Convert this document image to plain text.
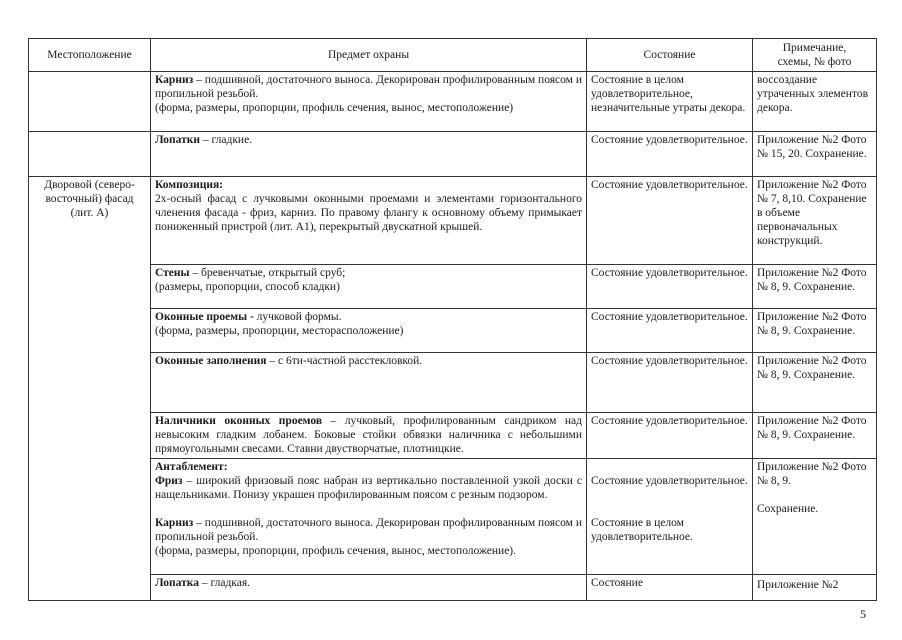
Местоположение	Предмет охраны	Состояние	Примечание,
схемы, № фото

	Карниз – подшивной, достаточного выноса. Декорирован профилированным поясом и пропильной резьбой.
(форма, размеры, пропорции, профиль сечения, вынос, местоположение)	Состояние в целом удовлетворительное, незначительные утраты декора.	воссоздание утраченных элементов декора.
	Лопатки – гладкие.	Состояние удовлетворительное.	Приложение №2 Фото № 15, 20. Сохранение.
Дворовой (северо-восточный) фасад (лит. А)	Композиция:
2х-осный фасад с лучковыми оконными проемами и элементами горизонтального членения фасада - фриз, карниз. По правому флангу к основному объему примыкает пониженный пристрой (лит. А1), перекрытый двускатной крышей.	Состояние удовлетворительное.	Приложение №2 Фото № 7, 8,10. Сохранение в объеме первоначальных конструкций.

	Стены – бревенчатые, открытый сруб;
(размеры, пропорции, способ кладки)	Состояние удовлетворительное.	Приложение №2 Фото № 8, 9. Сохранение.

	Оконные проемы - лучковой формы.
(форма, размеры, пропорции, месторасположение)	Состояние удовлетворительное.	Приложение №2 Фото № 8, 9. Сохранение.
	Оконные заполнения – с 6ти-частной расстекловкой.	Состояние удовлетворительное.	Приложение №2 Фото № 8, 9. Сохранение.
	Наличники оконных проемов – лучковый, профилированным сандриком над невысоким гладким лобанем. Боковые стойки обвязки наличника с небольшими прямоугольными свесами. Ставни двустворчатые, плотницкие.	Состояние удовлетворительное.	Приложение №2 Фото № 8, 9. Сохранение.

	Антаблемент:
Фриз – широкий фризовый пояс набран из вертикально поставленной узкой доски с нащельниками. Понизу украшен профилированным поясом с резным подзором.
Карниз – подшивной, достаточного выноса. Декорирован профилированным поясом и пропильной резьбой.
(форма, размеры, пропорции, профиль сечения, вынос, местоположение).	Состояние удовлетворительное.
Состояние в целом удовлетворительное.	Приложение №2 Фото № 8, 9.
Сохранение.

	Лопатка – гладкая.	Состояние	Приложение №2
5
